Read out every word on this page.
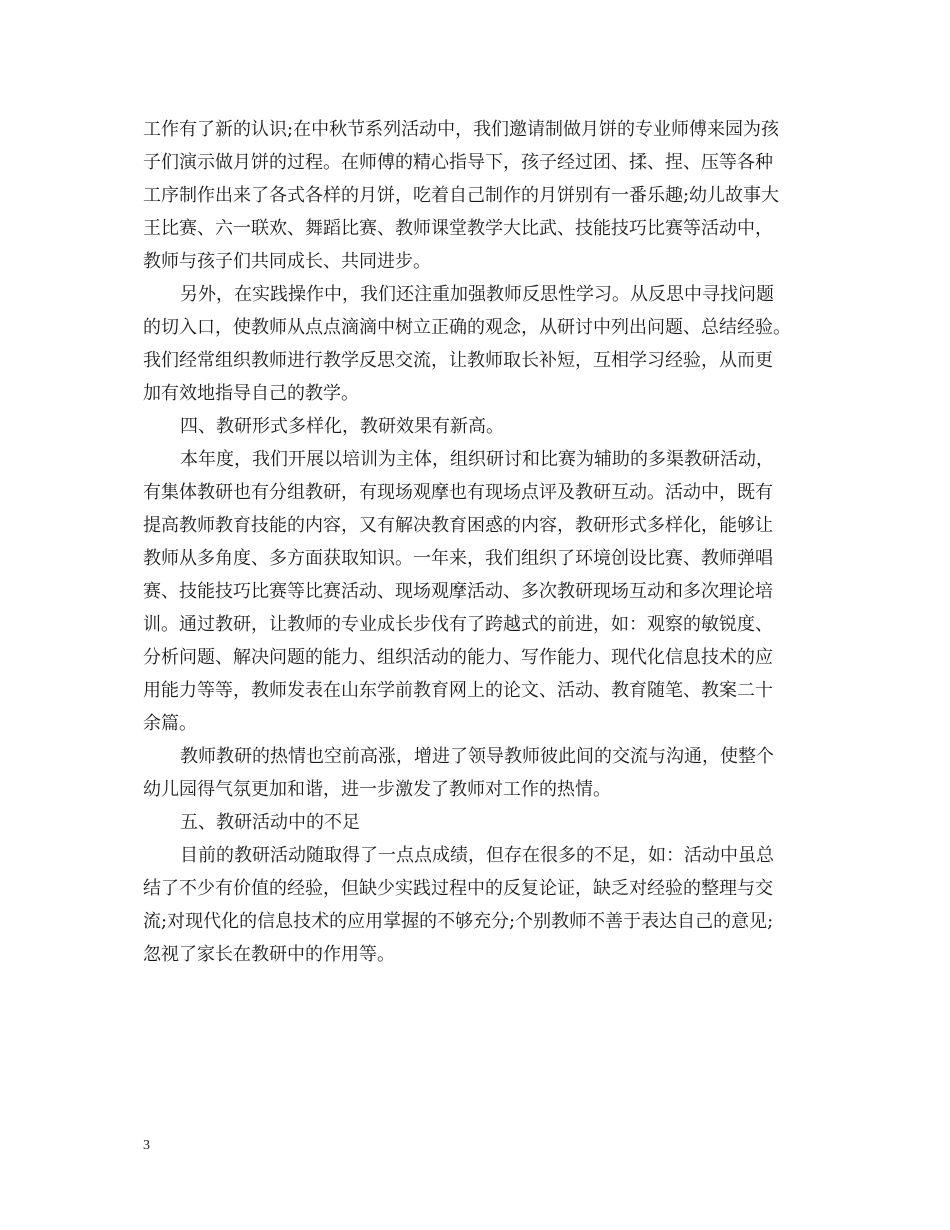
工作有了新的认识;在中秋节系列活动中，我们邀请制做月饼的专业师傅来园为孩
子们演示做月饼的过程。在师傅的精心指导下，孩子经过团、揉、捏、压等各种
工序制作出来了各式各样的月饼，吃着自己制作的月饼别有一番乐趣;幼儿故事大
王比赛、六一联欢、舞蹈比赛、教师课堂教学大比武、技能技巧比赛等活动中，
教师与孩子们共同成长、共同进步。
另外，在实践操作中，我们还注重加强教师反思性学习。从反思中寻找问题
的切入口，使教师从点点滴滴中树立正确的观念，从研讨中列出问题、总结经验。
我们经常组织教师进行教学反思交流，让教师取长补短，互相学习经验，从而更
加有效地指导自己的教学。
四、教研形式多样化，教研效果有新高。
本年度，我们开展以培训为主体，组织研讨和比赛为辅助的多渠教研活动，
有集体教研也有分组教研，有现场观摩也有现场点评及教研互动。活动中，既有
提高教师教育技能的内容，又有解决教育困惑的内容，教研形式多样化，能够让
教师从多角度、多方面获取知识。一年来，我们组织了环境创设比赛、教师弹唱
赛、技能技巧比赛等比赛活动、现场观摩活动、多次教研现场互动和多次理论培
训。通过教研，让教师的专业成长步伐有了跨越式的前进，如：观察的敏锐度、
分析问题、解决问题的能力、组织活动的能力、写作能力、现代化信息技术的应
用能力等等，教师发表在山东学前教育网上的论文、活动、教育随笔、教案二十
余篇。
教师教研的热情也空前高涨，增进了领导教师彼此间的交流与沟通，使整个
幼儿园得气氛更加和谐，进一步激发了教师对工作的热情。
五、教研活动中的不足
目前的教研活动随取得了一点点成绩，但存在很多的不足，如：活动中虽总
结了不少有价值的经验，但缺少实践过程中的反复论证，缺乏对经验的整理与交
流;对现代化的信息技术的应用掌握的不够充分;个别教师不善于表达自己的意见;
忽视了家长在教研中的作用等。
3
